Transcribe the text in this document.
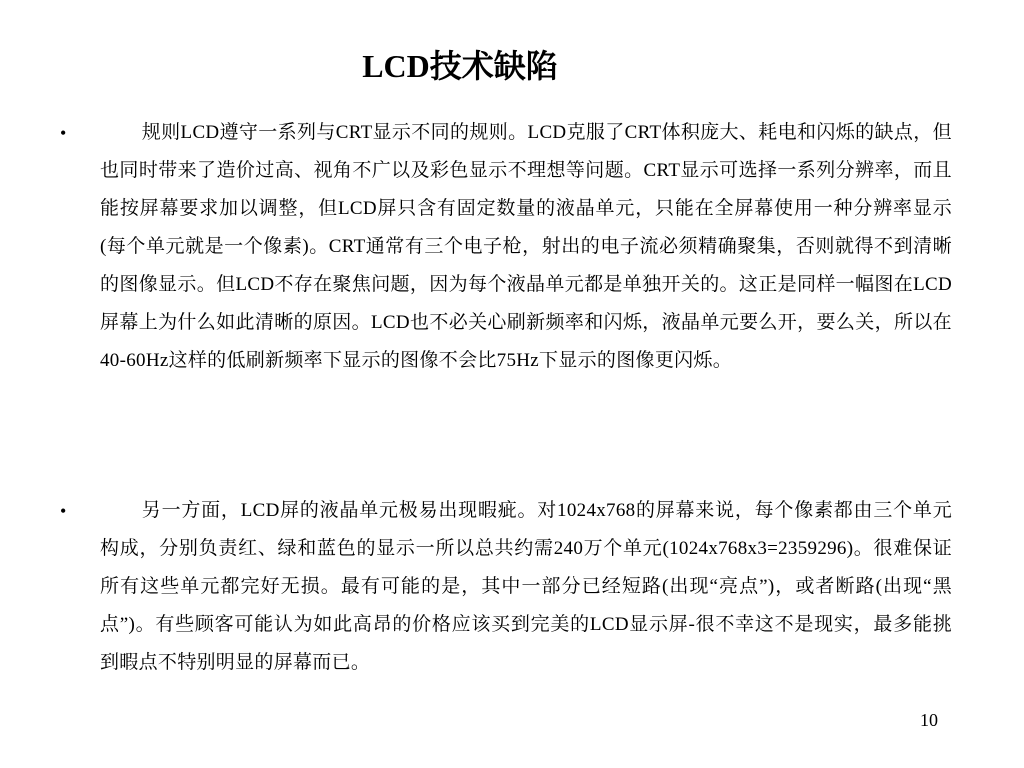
LCD技术缺陷
•	规则LCD遵守一系列与CRT显示不同的规则。LCD克服了CRT体积庞大、耗电和闪烁的缺点，但也同时带来了造价过高、视角不广以及彩色显示不理想等问题。CRT显示可选择一系列分辨率，而且能按屏幕要求加以调整，但LCD屏只含有固定数量的液晶单元，只能在全屏幕使用一种分辨率显示(每个单元就是一个像素)。CRT通常有三个电子枪，射出的电子流必须精确聚集，否则就得不到清晰的图像显示。但LCD不存在聚焦问题，因为每个液晶单元都是单独开关的。这正是同样一幅图在LCD屏幕上为什么如此清晰的原因。LCD也不必关心刷新频率和闪烁，液晶单元要么开，要么关，所以在40-60Hz这样的低刷新频率下显示的图像不会比75Hz下显示的图像更闪烁。
•	另一方面，LCD屏的液晶单元极易出现暇疵。对1024x768的屏幕来说，每个像素都由三个单元构成，分别负责红、绿和蓝色的显示一所以总共约需240万个单元(1024x768x3=2359296)。很难保证所有这些单元都完好无损。最有可能的是，其中一部分已经短路(出现“亮点”)，或者断路(出现“黑点”)。有些顾客可能认为如此高昂的价格应该买到完美的LCD显示屏-很不幸这不是现实，最多能挑到暇点不特别明显的屏幕而已。
10
